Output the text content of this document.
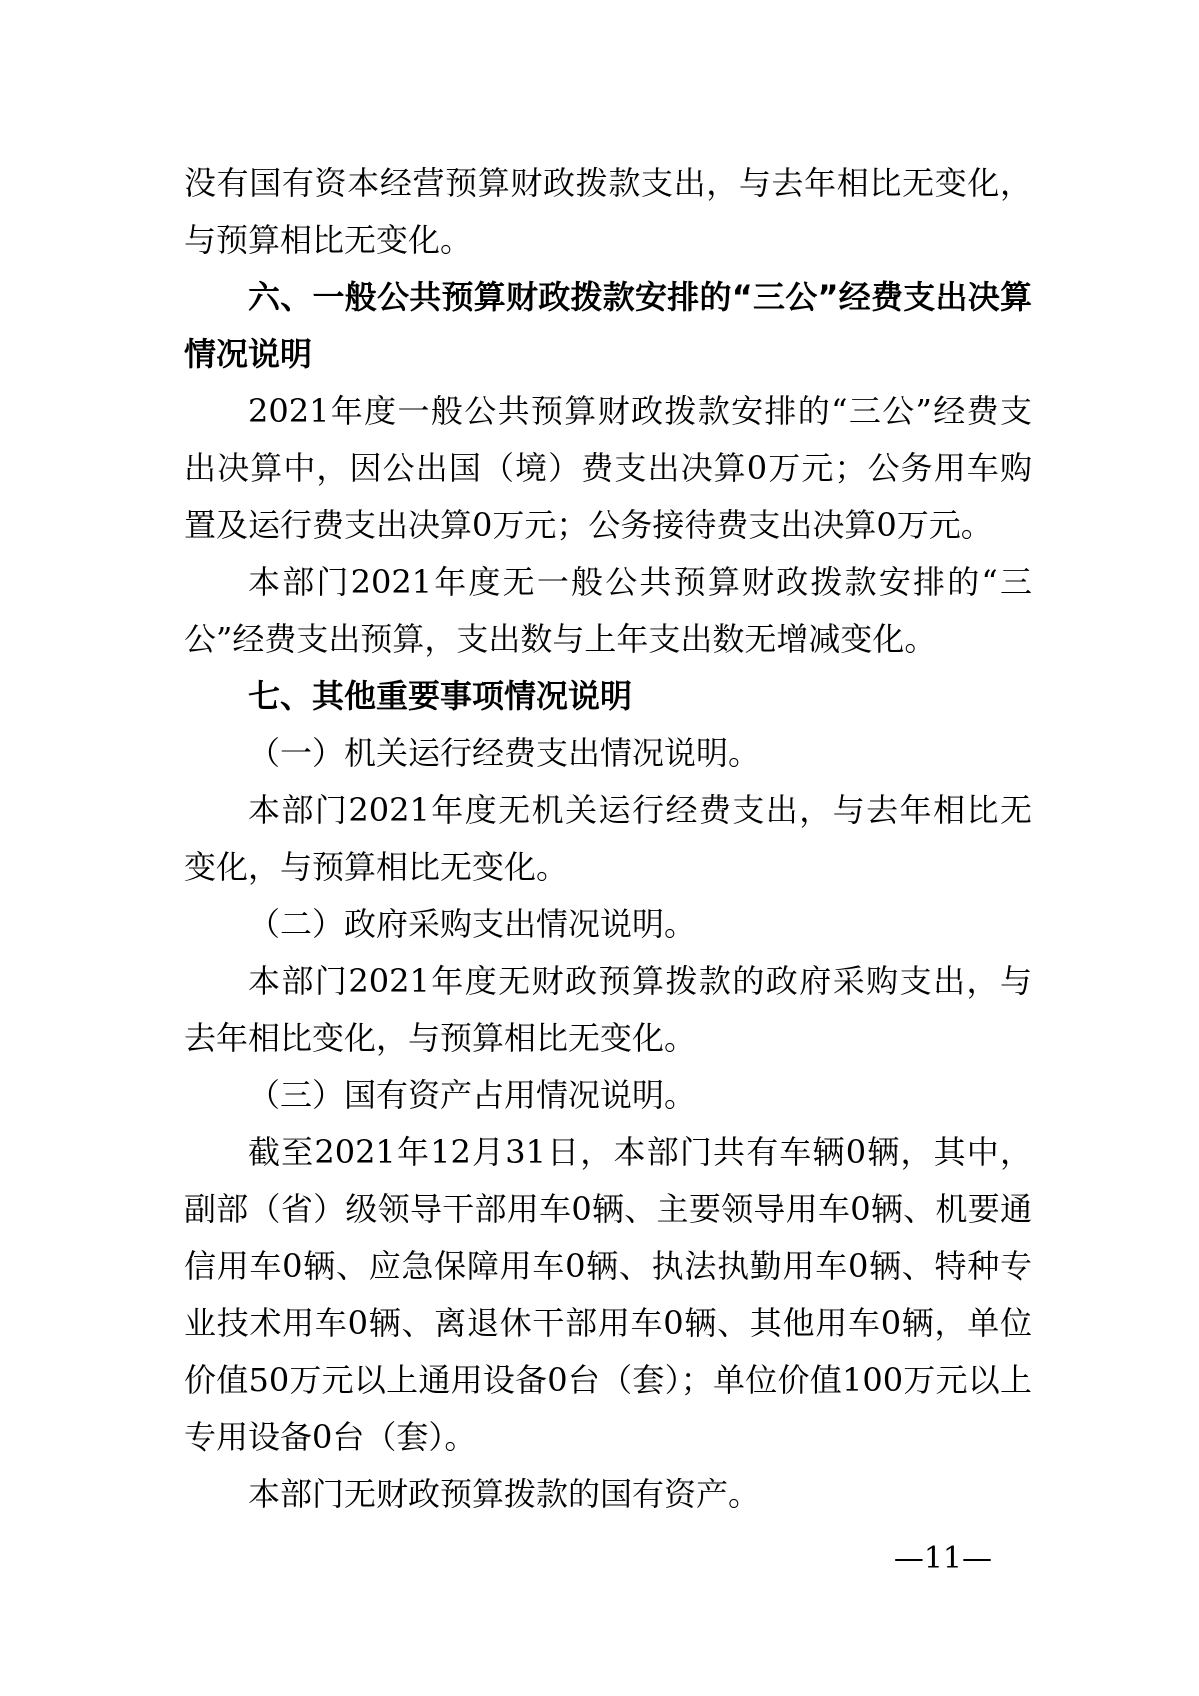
没有国有资本经营预算财政拨款支出，与去年相比无变化，与预算相比无变化。

六、一般公共预算财政拨款安排的“三公”经费支出决算情况说明

2021年度一般公共预算财政拨款安排的“三公”经费支出决算中，因公出国（境）费支出决算0万元；公务用车购置及运行费支出决算0万元；公务接待费支出决算0万元。

本部门2021年度无一般公共预算财政拨款安排的“三公”经费支出预算，支出数与上年支出数无增减变化。

七、其他重要事项情况说明

（一）机关运行经费支出情况说明。

本部门2021年度无机关运行经费支出，与去年相比无变化，与预算相比无变化。

（二）政府采购支出情况说明。

本部门2021年度无财政预算拨款的政府采购支出，与去年相比变化，与预算相比无变化。

（三）国有资产占用情况说明。

截至2021年12月31日，本部门共有车辆0辆，其中，副部（省）级领导干部用车0辆、主要领导用车0辆、机要通信用车0辆、应急保障用车0辆、执法执勤用车0辆、特种专业技术用车0辆、离退休干部用车0辆、其他用车0辆，单位价值50万元以上通用设备0台（套）；单位价值100万元以上专用设备0台（套）。

本部门无财政预算拨款的国有资产。

—11—
